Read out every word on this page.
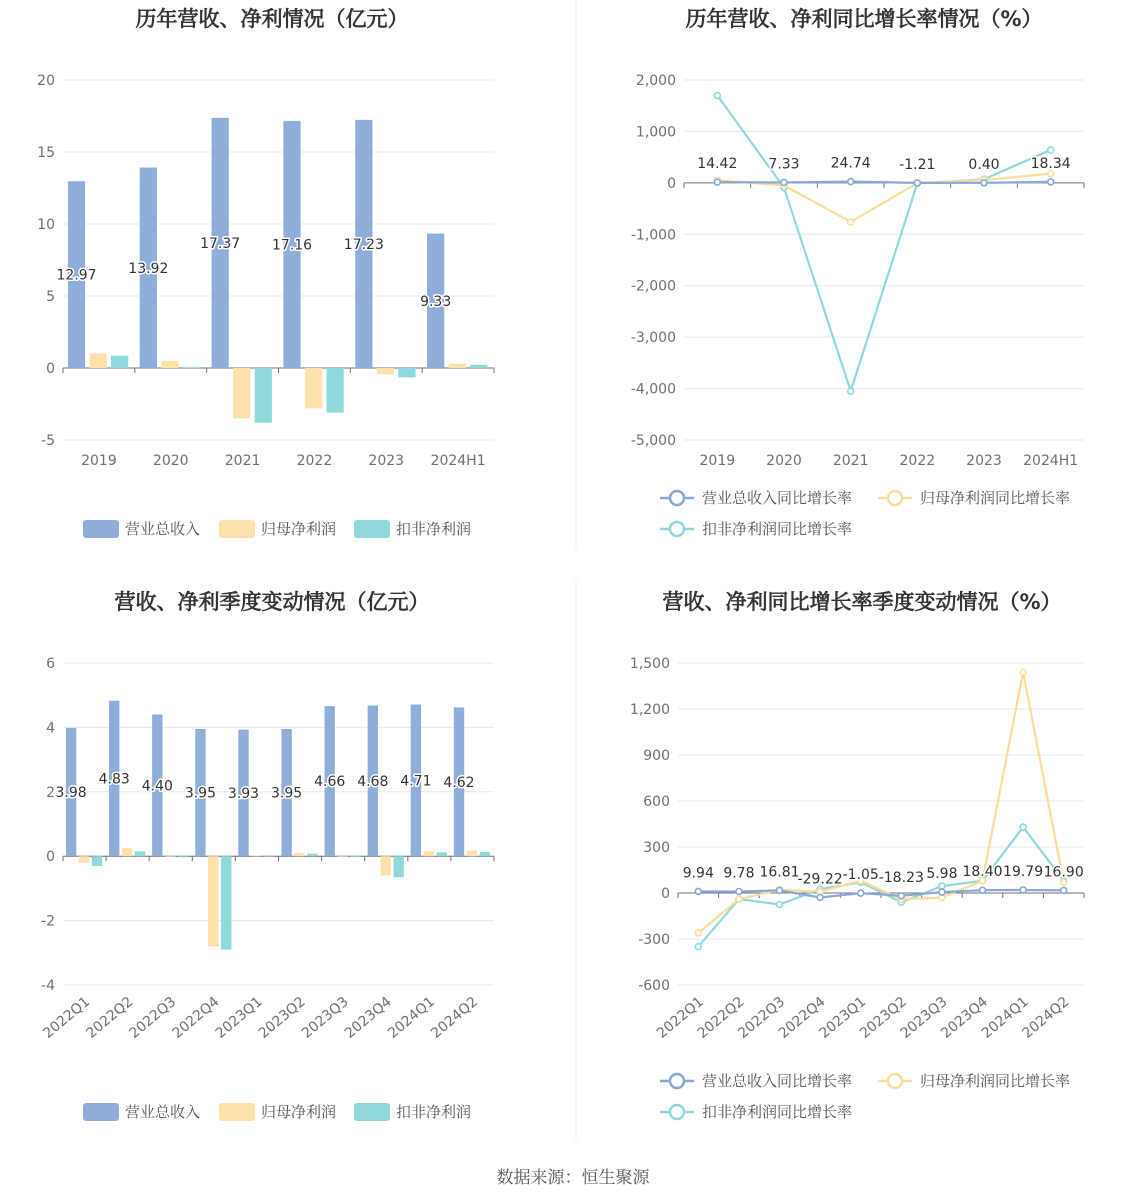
历年营收、净利情况（亿元）
20
15
10
5
0
-5
2019	2020	2021	2022	2023 2024H1
12.97 13.92
17.37 17.16 17.23
9.33
营业总收入	归母净利润	扣非净利润
历年营收、净利同比增长率情况（%）
2,000
1,000
0
-1,000
-2,000
-3,000
-4,000
-5,000
2019 2020 2021 2022 2023 2024H1
14.42 7.33 24.74 -1.21 0.40 18.34
营业总收入同比增长率	归母净利润同比增长率
扣非净利润同比增长率
营收、净利季度变动情况（亿元）
6
4
2
0
-2
-4
2022Q1
2022Q2
2022Q3
2022Q4
2023Q1
2023Q2
2023Q3
2023Q4
2024Q1
2024Q2
3.98
4.83 4.40 3.95 3.93 3.95
4.66 4.68 4.71 4.62
营业总收入	归母净利润	扣非净利润
营收、净利同比增长率季度变动情况（%）
1,500
1,200
900
600
300
0
-300
-600
2022Q1
2022Q2
2022Q3
2022Q4
2023Q1
2023Q2
2023Q3
2023Q4
2024Q1
2024Q2
9.94 9.78 16.81
-29.22 -1.05 -18.23 5.98 18.40 19.79 16.90
营业总收入同比增长率	归母净利润同比增长率
扣非净利润同比增长率
数据来源：恒生聚源
